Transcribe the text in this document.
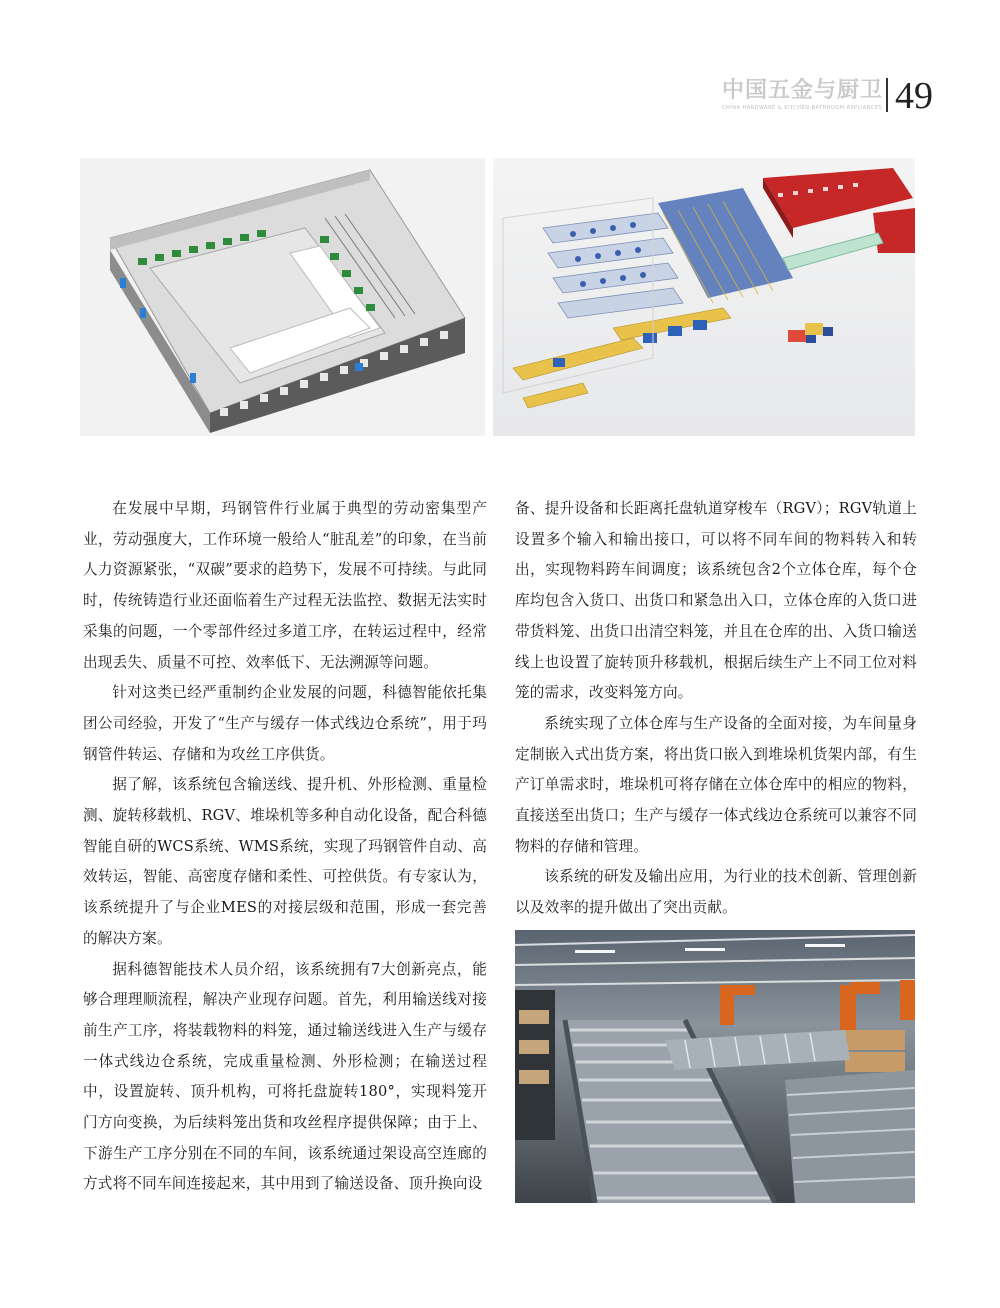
中国五金与厨卫
CHINA HARDWARE & KITCHEN-BATHROOM APPLIANCES 49

在发展中早期，玛钢管件行业属于典型的劳动密集型产业，劳动强度大，工作环境一般给人“脏乱差”的印象，在当前人力资源紧张，“双碳”要求的趋势下，发展不可持续。与此同时，传统铸造行业还面临着生产过程无法监控、数据无法实时采集的问题，一个零部件经过多道工序，在转运过程中，经常出现丢失、质量不可控、效率低下、无法溯源等问题。

针对这类已经严重制约企业发展的问题，科德智能依托集团公司经验，开发了“生产与缓存一体式线边仓系统”，用于玛钢管件转运、存储和为攻丝工序供货。

据了解，该系统包含输送线、提升机、外形检测、重量检测、旋转移载机、RGV、堆垛机等多种自动化设备，配合科德智能自研的WCS系统、WMS系统，实现了玛钢管件自动、高效转运，智能、高密度存储和柔性、可控供货。有专家认为，该系统提升了与企业MES的对接层级和范围，形成一套完善的解决方案。

据科德智能技术人员介绍，该系统拥有7大创新亮点，能够合理理顺流程，解决产业现存问题。首先，利用输送线对接前生产工序，将装载物料的料笼，通过输送线进入生产与缓存一体式线边仓系统，完成重量检测、外形检测；在输送过程中，设置旋转、顶升机构，可将托盘旋转180°，实现料笼开门方向变换，为后续料笼出货和攻丝程序提供保障；由于上、下游生产工序分别在不同的车间，该系统通过架设高空连廊的方式将不同车间连接起来，其中用到了输送设备、顶升换向设

备、提升设备和长距离托盘轨道穿梭车（RGV）；RGV轨道上设置多个输入和输出接口，可以将不同车间的物料转入和转出，实现物料跨车间调度；该系统包含2个立体仓库，每个仓库均包含入货口、出货口和紧急出入口，立体仓库的入货口进带货料笼、出货口出清空料笼，并且在仓库的出、入货口输送线上也设置了旋转顶升移载机，根据后续生产上不同工位对料笼的需求，改变料笼方向。

系统实现了立体仓库与生产设备的全面对接，为车间量身定制嵌入式出货方案，将出货口嵌入到堆垛机货架内部，有生产订单需求时，堆垛机可将存储在立体仓库中的相应的物料，直接送至出货口；生产与缓存一体式线边仓系统可以兼容不同物料的存储和管理。

该系统的研发及输出应用，为行业的技术创新、管理创新以及效率的提升做出了突出贡献。
